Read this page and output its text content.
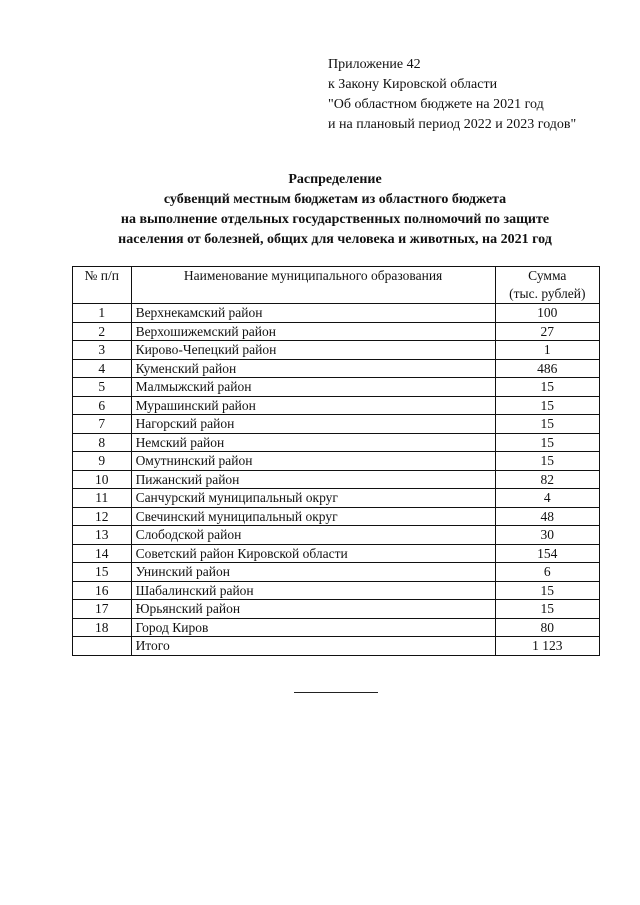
Приложение 42
к Закону Кировской области
"Об областном бюджете на 2021 год
и на плановый период 2022 и 2023 годов"
Распределение
субвенций местным бюджетам из областного бюджета
на выполнение отдельных государственных полномочий по защите
населения от болезней, общих для человека и животных, на 2021 год
№ п/п	Наименование муниципального образования	Сумма
(тыс. рублей)
1	Верхнекамский район	100
2	Верхошижемский район	27
3	Кирово-Чепецкий район	1
4	Куменский район	486
5	Малмыжский район	15
6	Мурашинский район	15
7	Нагорский район	15
8	Немский район	15
9	Омутнинский район	15
10	Пижанский район	82
11	Санчурский муниципальный округ	4
12	Свечинский муниципальный округ	48
13	Слободской район	30
14	Советский район Кировской области	154
15	Унинский район	6
16	Шабалинский район	15
17	Юрьянский район	15
18	Город Киров	80
	Итого	1 123
